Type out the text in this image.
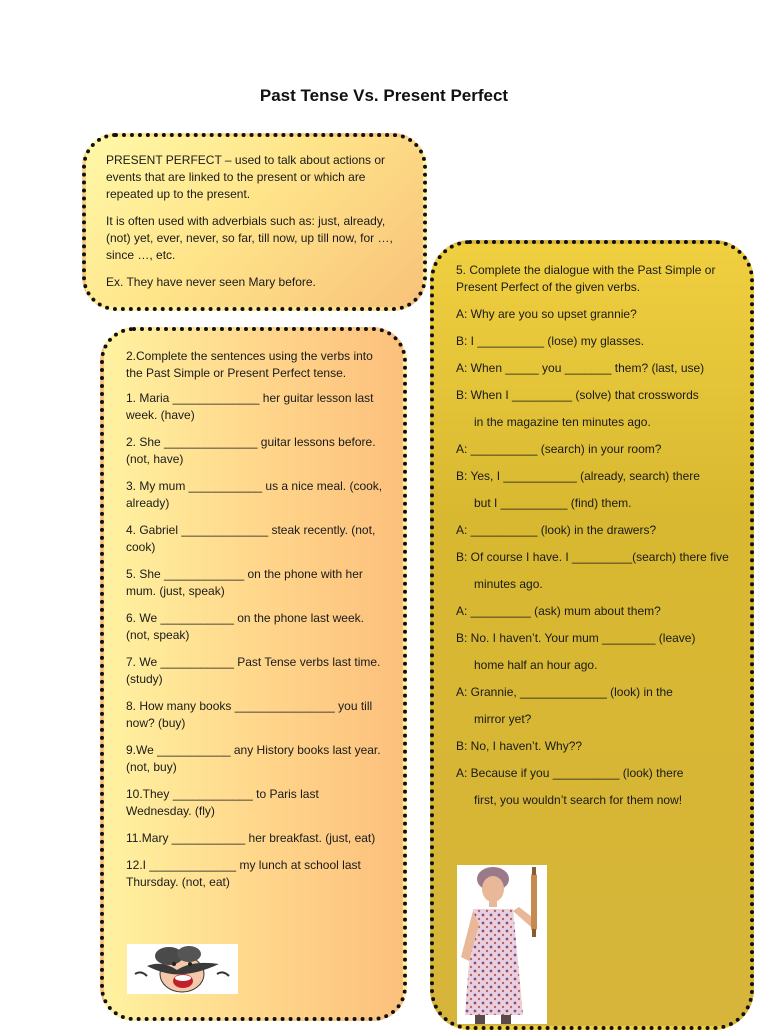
Past Tense Vs. Present Perfect

PRESENT PERFECT – used to talk about actions or events that are linked to the present or which are repeated up to the present.

It is often used with adverbials such as: just, already, (not) yet, ever, never, so far, till now, up till now, for …, since …, etc.

Ex. They have never seen Mary before.

2.Complete the sentences using the verbs into the Past Simple or Present Perfect tense.

1. Maria _____________ her guitar lesson last week. (have)

2. She ______________ guitar lessons before. (not, have)

3. My mum ___________ us a nice meal. (cook, already)

4. Gabriel _____________ steak recently. (not, cook)

5. She ____________ on the phone with her mum. (just, speak)

6. We ___________ on the phone last week. (not, speak)

7. We ___________ Past Tense verbs last time. (study)

8. How many books _______________ you till now? (buy)

9.We ___________ any History books last year. (not, buy)

10.They ____________ to Paris last Wednesday. (fly)

11.Mary ___________ her breakfast. (just, eat)

12.I _____________ my lunch at school last Thursday. (not, eat)

5. Complete the dialogue with the Past Simple or Present Perfect of the given verbs.

A: Why are you so upset grannie?

B: I __________ (lose) my glasses.

A: When _____ you _______ them? (last, use)

B: When I _________ (solve) that crosswords

in the magazine ten minutes ago.

A: __________ (search) in your room?

B: Yes, I ___________ (already, search) there

but I __________ (find) them.

A: __________ (look) in the drawers?

B: Of course I have. I _________(search) there five

minutes ago.

A: _________ (ask) mum about them?

B: No. I haven’t. Your mum ________ (leave)

home half an hour ago.

A: Grannie, _____________ (look) in the

mirror yet?

B: No, I haven’t. Why??

A: Because if you __________ (look) there

first, you wouldn’t search for them now!
